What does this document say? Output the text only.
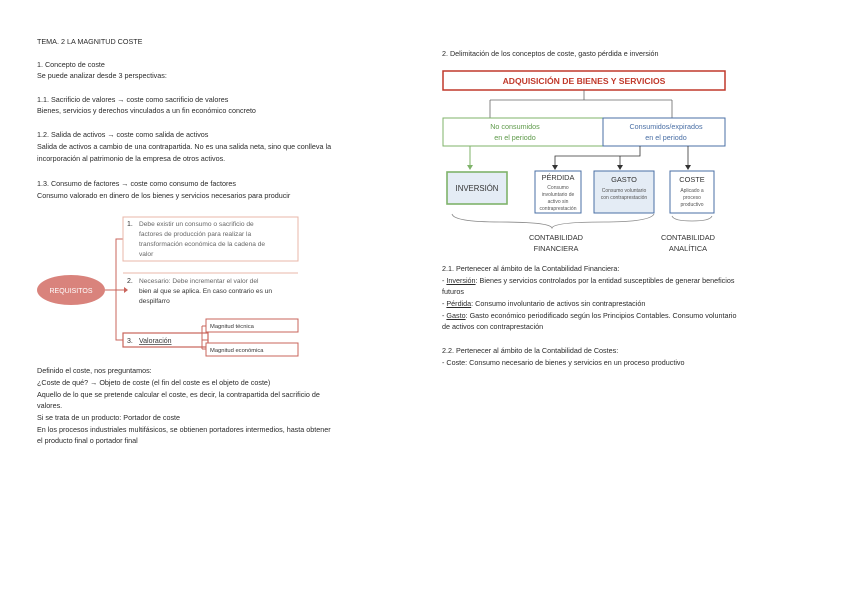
TEMA. 2 LA MAGNITUD COSTE
1. Concepto de coste
Se puede analizar desde 3 perspectivas:
1.1. Sacrificio de valores → coste como sacrificio de valores
Bienes, servicios y derechos vinculados a un fin económico concreto
1.2. Salida de activos → coste como salida de activos
Salida de activos a cambio de una contrapartida. No es una salida neta, sino que conlleva la
incorporación al patrimonio de la empresa de otros activos.
1.3. Consumo de factores → coste como consumo de factores
Consumo valorado en dinero de los bienes y servicios necesarios para producir
REQUISITOS
1. Debe existir un consumo o sacrificio de
factores de producción para realizar la
transformación económica de la cadena de
valor
2. Necesario: Debe incrementar el valor del
bien al que se aplica. En caso contrario es un
despilfarro
3. Valoración
Magnitud técnica
Magnitud económica
Definido el coste, nos preguntamos:
¿Coste de qué? → Objeto de coste (el fin del coste es el objeto de coste)
Aquello de lo que se pretende calcular el coste, es decir, la contrapartida del sacrificio de
valores.
Si se trata de un producto: Portador de coste
En los procesos industriales multifásicos, se obtienen portadores intermedios, hasta obtener
el producto final o portador final
2. Delimitación de los conceptos de coste, gasto pérdida e inversión
ADQUISICIÓN DE BIENES Y SERVICIOS
No consumidos
en el periodo
Consumidos/expirados
en el periodo
INVERSIÓN
PÉRDIDA
Consumo
involuntario de
activo sin
contraprestación
GASTO
Consumo voluntario
con contraprestación
COSTE
Aplicado a
proceso
productivo
CONTABILIDAD
FINANCIERA
CONTABILIDAD
ANALÍTICA
2.1. Pertenecer al ámbito de la Contabilidad Financiera:
- Inversión: Bienes y servicios controlados por la entidad susceptibles de generar beneficios
futuros
- Pérdida: Consumo involuntario de activos sin contraprestación
- Gasto: Gasto económico periodificado según los Principios Contables. Consumo voluntario
de activos con contraprestación
2.2. Pertenecer al ámbito de la Contabilidad de Costes:
- Coste: Consumo necesario de bienes y servicios en un proceso productivo
